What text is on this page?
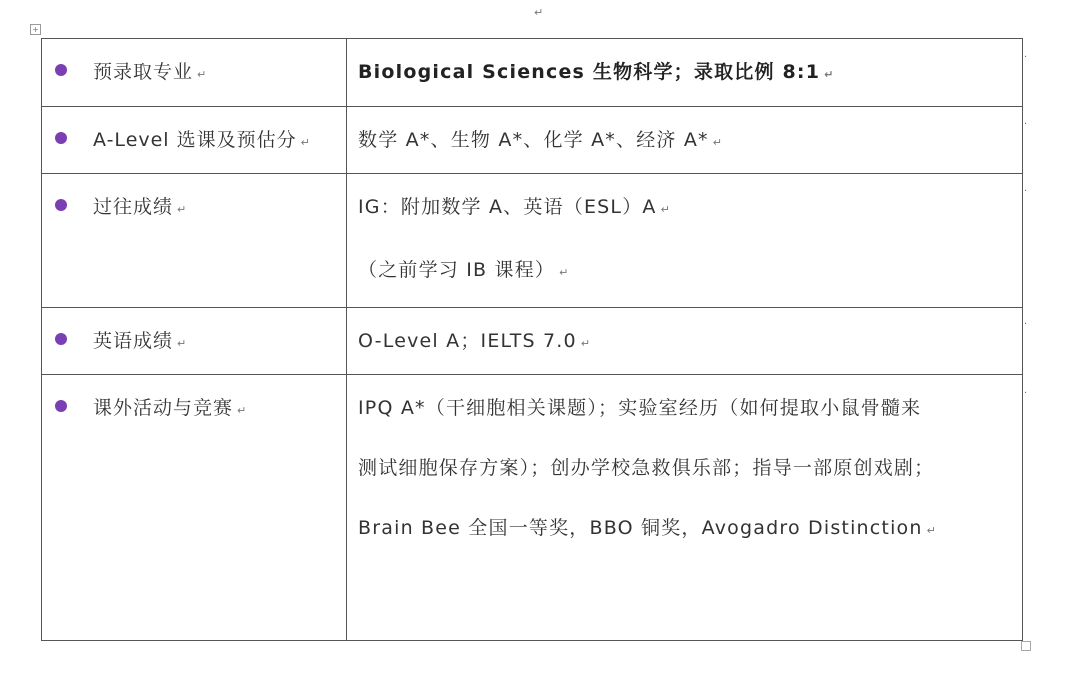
+
↵
预录取专业 ↵	Biological Sciences 生物科学；录取比例 8:1 ↵

A-Level 选课及预估分 ↵	数学 A*、生物 A*、化学 A*、经济 A* ↵

过往成绩 ↵	IG：附加数学 A、英语（ESL）A ↵
（之前学习 IB 课程） ↵

英语成绩 ↵	O-Level A；IELTS 7.0 ↵

课外活动与竞赛 ↵	IPQ A*（干细胞相关课题）；实验室经历（如何提取小鼠骨髓来
测试细胞保存方案）；创办学校急救俱乐部；指导一部原创戏剧；
Brain Bee 全国一等奖，BBO 铜奖，Avogadro Distinction ↵
·
·
·
·
·
